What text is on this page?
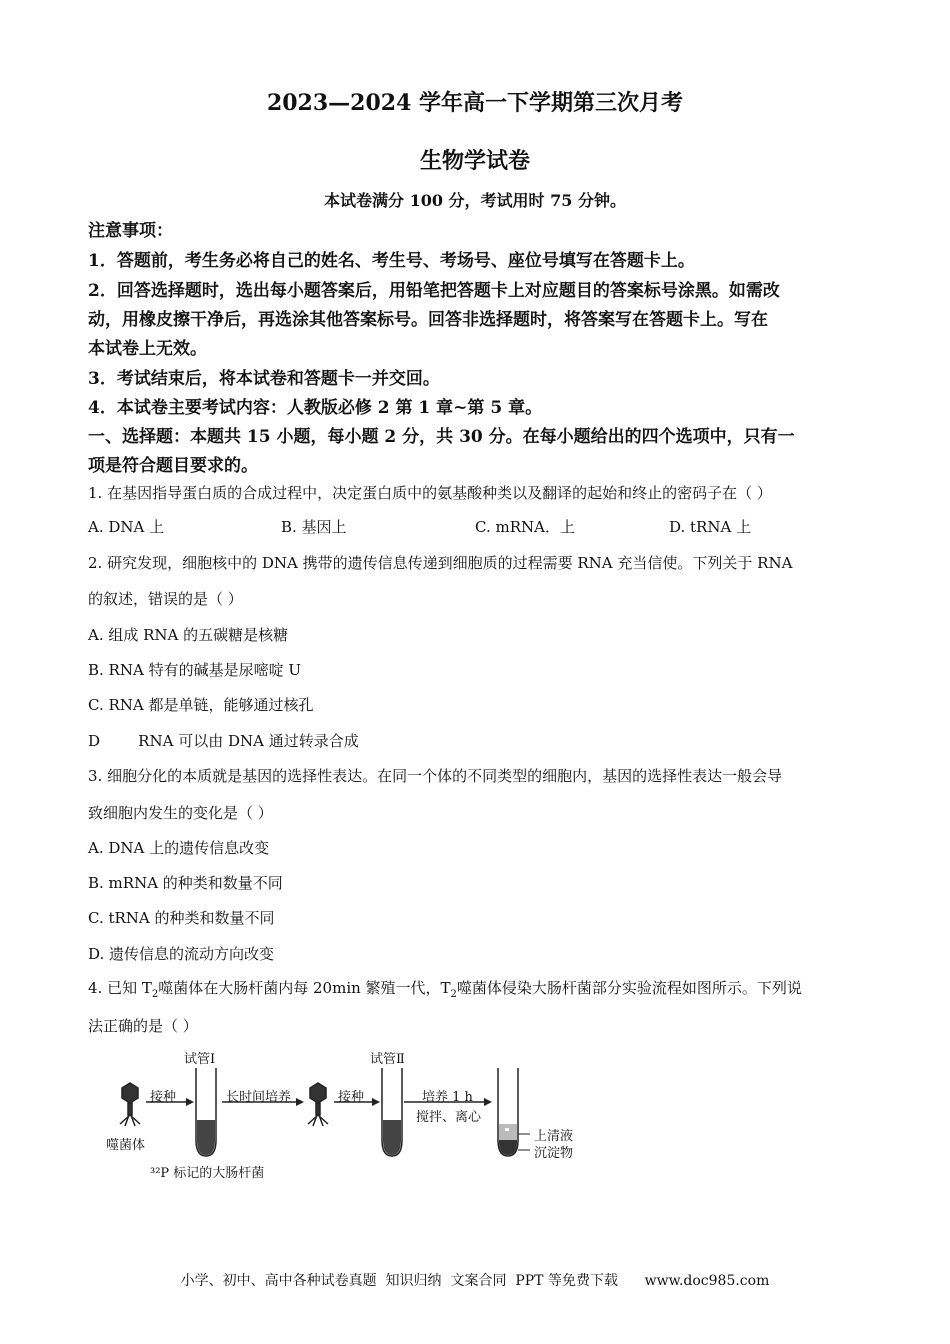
2023—2024 学年高一下学期第三次月考
生物学试卷
本试卷满分 100 分，考试用时 75 分钟。
注意事项：
1．答题前，考生务必将自己的姓名、考生号、考场号、座位号填写在答题卡上。
2．回答选择题时，选出每小题答案后，用铅笔把答题卡上对应题目的答案标号涂黑。如需改
动，用橡皮擦干净后，再选涂其他答案标号。回答非选择题时，将答案写在答题卡上。写在
本试卷上无效。
3．考试结束后，将本试卷和答题卡一并交回。
4．本试卷主要考试内容：人教版必修 2 第 1 章~第 5 章。
一、选择题：本题共 15 小题，每小题 2 分，共 30 分。在每小题给出的四个选项中，只有一
项是符合题目要求的。
1. 在基因指导蛋白质的合成过程中，决定蛋白质中的氨基酸种类以及翻译的起始和终止的密码子在（ ）
A. DNA 上	B. 基因上	C. mRNA．上	D. tRNA 上
2. 研究发现，细胞核中的 DNA 携带的遗传信息传递到细胞质的过程需要 RNA 充当信使。下列关于 RNA
的叙述，错误的是（ ）
A. 组成 RNA 的五碳糖是核糖
B. RNA 特有的碱基是尿嘧啶 U
C. RNA 都是单链，能够通过核孔
D        RNA 可以由 DNA 通过转录合成
3. 细胞分化的本质就是基因的选择性表达。在同一个体的不同类型的细胞内，基因的选择性表达一般会导
致细胞内发生的变化是（ ）
A. DNA 上的遗传信息改变
B. mRNA 的种类和数量不同
C. tRNA 的种类和数量不同
D. 遗传信息的流动方向改变
4. 已知 $T_2$噬菌体在大肠杆菌内每 20min 繁殖一代，$T_2$噬菌体侵染大肠杆菌部分实验流程如图所示。下列说
法正确的是（ ）
噬菌体
接种
试管Ⅰ
长时间培养	接种
试管Ⅱ
培养 1 h
搅拌、离心
上清液
沉淀物
³²P 标记的大肠杆菌
小学、初中、高中各种试卷真题  知识归纳  文案合同  PPT 等免费下载      www.doc985.com
